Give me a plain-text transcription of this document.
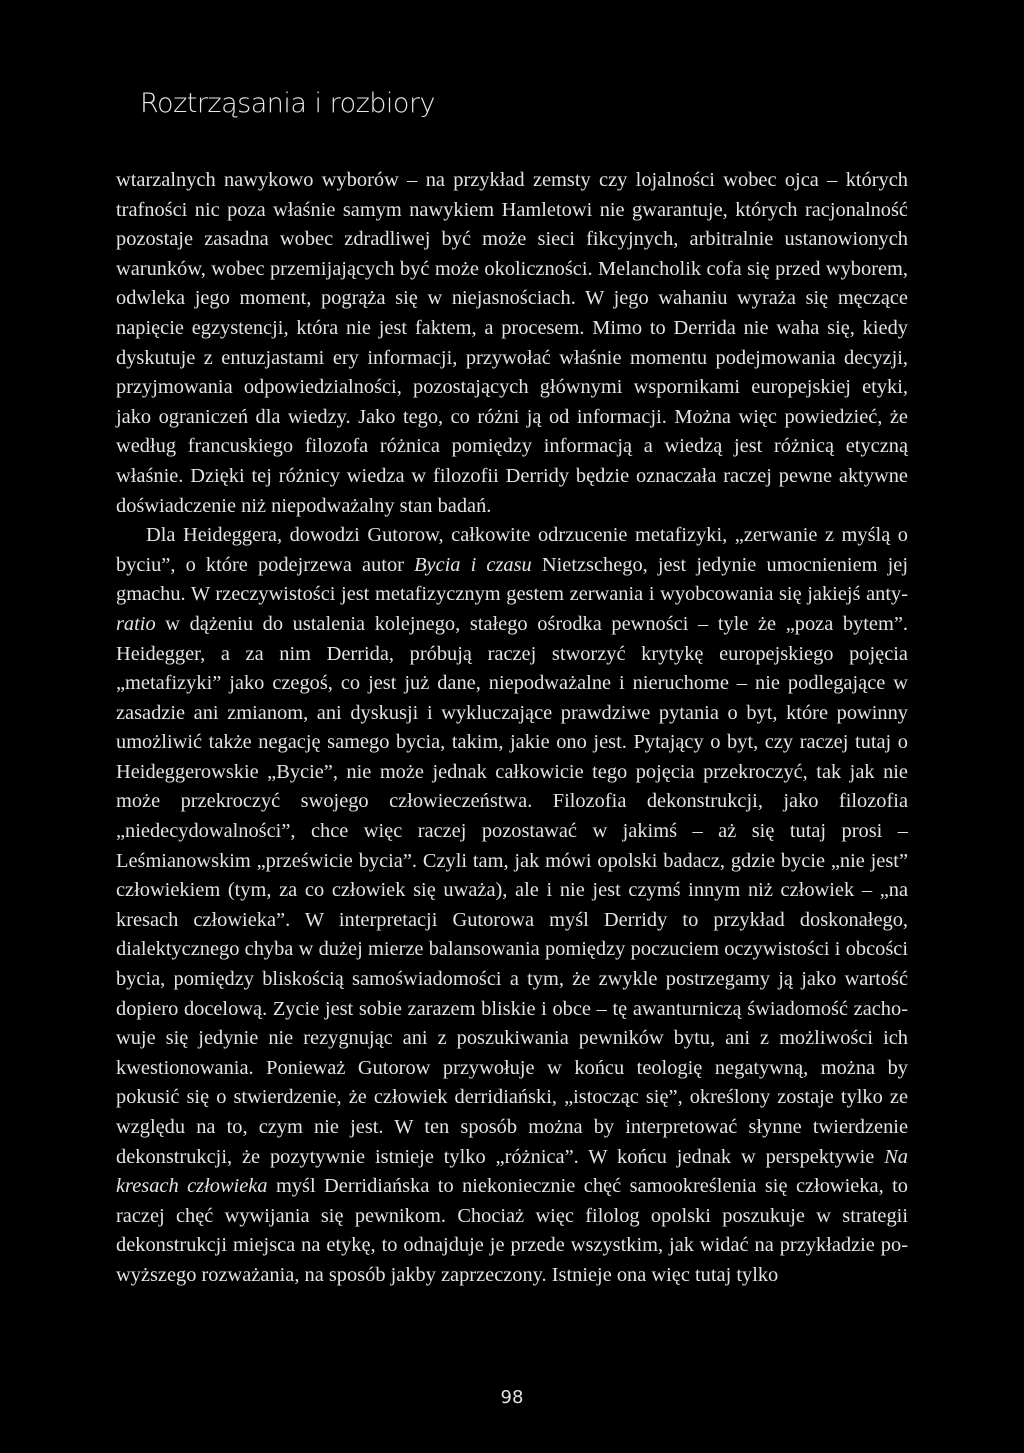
Roztrząsania i rozbiory

wtarzalnych nawykowo wyborów – na przykład zemsty czy lojalności wobec ojca – których trafności nic poza właśnie samym nawykiem Hamletowi nie gwarantuje, których racjonalność pozostaje zasadna wobec zdradliwej być może sieci fikcyjnych, arbitralnie ustanowionych warunków, wobec przemijających być może okoliczności. Melancholik cofa się przed wyborem, odwleka jego moment, pogrąża się w niejasnościach. W jego wahaniu wyraża się męczące napięcie egzystencji, która nie jest faktem, a procesem. Mimo to Derrida nie waha się, kiedy dyskutuje z entuzjastami ery informacji, przywołać właśnie momentu podejmowania decyzji, przyjmowania odpowiedzialności, pozostających głównymi wspornikami europejskiej etyki, jako ograniczeń dla wiedzy. Jako tego, co różni ją od informacji. Można więc powiedzieć, że według francuskiego filozofa różnica pomiędzy informacją a wiedzą jest różnicą etyczną właśnie. Dzięki tej różnicy wiedza w filozofii Derridy będzie oznaczała raczej pewne aktywne doświadczenie niż niepodważalny stan badań.

Dla Heideggera, dowodzi Gutorow, całkowite odrzucenie metafizyki, „zerwanie z myślą o byciu”, o które podejrzewa autor Bycia i czasu Nietzschego, jest jedynie umocnieniem jej gmachu. W rzeczywistości jest metafizycznym gestem zerwania i wyobcowania się jakiejś anty-ratio w dążeniu do ustalenia kolejnego, stałego ośrodka pewności – tyle że „poza bytem”. Heidegger, a za nim Derrida, próbują raczej stworzyć krytykę europejskiego pojęcia „metafizyki” jako czegoś, co jest już dane, niepodważalne i nieruchome – nie podlegające w zasadzie ani zmianom, ani dyskusji i wykluczające prawdziwe pytania o byt, które powinny umożliwić także negację samego bycia, takim, jakie ono jest. Pytający o byt, czy raczej tutaj o Heideggerowskie „Bycie”, nie może jednak całkowicie tego pojęcia przekroczyć, tak jak nie może przekroczyć swojego człowieczeństwa. Filozofia dekonstrukcji, jako filozofia „niedecydowalności”, chce więc raczej pozostawać w jakimś – aż się tutaj prosi – Leśmianowskim „prześwicie bycia”. Czyli tam, jak mówi opolski badacz, gdzie bycie „nie jest” człowiekiem (tym, za co człowiek się uważa), ale i nie jest czymś innym niż człowiek – „na kresach człowieka”. W interpretacji Gutorowa myśl Derridy to przykład doskonałego, dialektycznego chyba w dużej mierze balansowania pomiędzy poczuciem oczywistości i obcości bycia, pomiędzy bliskością samoświadomości a tym, że zwykle postrzegamy ją jako wartość dopiero docelową. Zycie jest sobie zarazem bliskie i obce – tę awanturniczą świadomość zachowuje się jedynie nie rezygnując ani z poszukiwania pewników bytu, ani z możliwości ich kwestionowania. Ponieważ Gutorow przywołuje w końcu teologię negatywną, można by pokusić się o stwierdzenie, że człowiek derridiański, „istocząc się”, określony zostaje tylko ze względu na to, czym nie jest. W ten sposób można by interpretować słynne twierdzenie dekonstrukcji, że pozytywnie istnieje tylko „różnica”. W końcu jednak w perspektywie Na kresach człowieka myśl Derridiańska to niekoniecznie chęć samookreślenia się człowieka, to raczej chęć wywijania się pewnikom. Chociaż więc filolog opolski poszukuje w strategii dekonstrukcji miejsca na etykę, to odnajduje je przede wszystkim, jak widać na przykładzie powyższego rozważania, na sposób jakby zaprzeczony. Istnieje ona więc tutaj tylko

98
